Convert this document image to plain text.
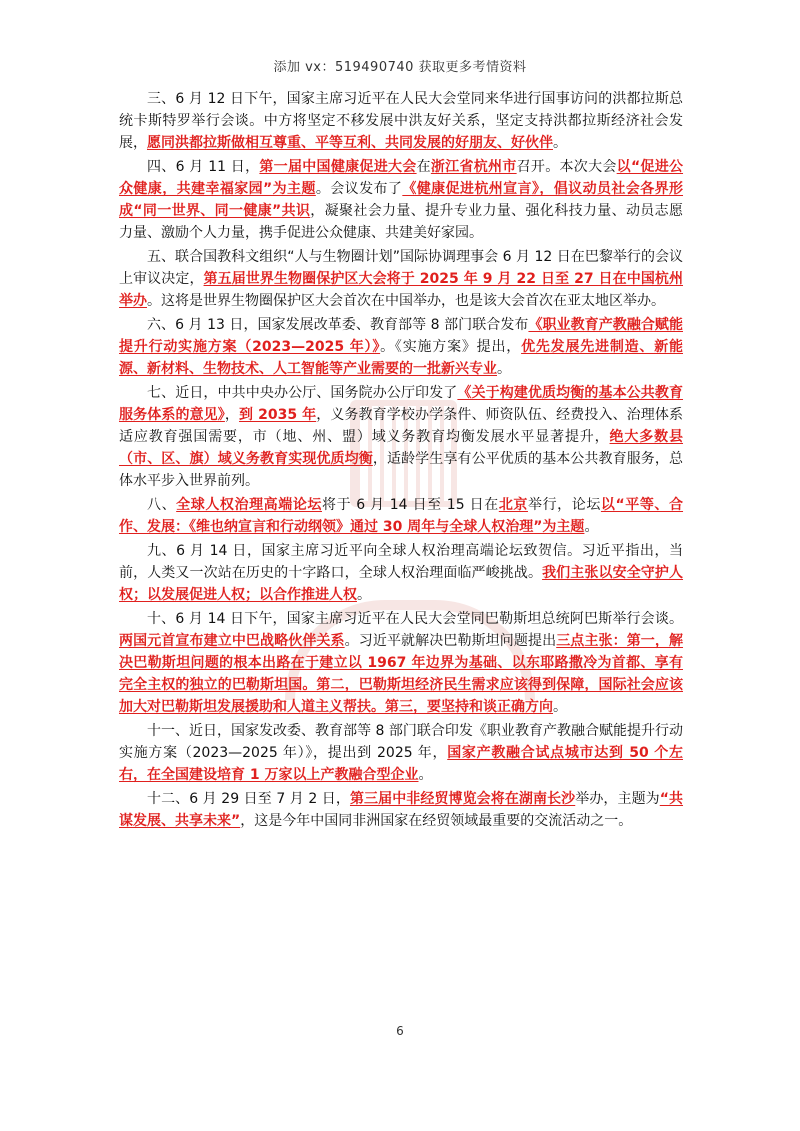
添加 vx：519490740 获取更多考情资料

三、6 月 12 日下午，国家主席习近平在人民大会堂同来华进行国事访问的洪都拉斯总统卡斯特罗举行会谈。中方将坚定不移发展中洪友好关系，坚定支持洪都拉斯经济社会发展，愿同洪都拉斯做相互尊重、平等互利、共同发展的好朋友、好伙伴。

四、6 月 11 日，第一届中国健康促进大会在浙江省杭州市召开。本次大会以“促进公众健康，共建幸福家园”为主题。会议发布了《健康促进杭州宣言》，倡议动员社会各界形成“同一世界、同一健康”共识，凝聚社会力量、提升专业力量、强化科技力量、动员志愿力量、激励个人力量，携手促进公众健康、共建美好家园。

五、联合国教科文组织“人与生物圈计划”国际协调理事会 6 月 12 日在巴黎举行的会议上审议决定，第五届世界生物圈保护区大会将于 2025 年 9 月 22 日至 27 日在中国杭州举办。这将是世界生物圈保护区大会首次在中国举办，也是该大会首次在亚太地区举办。

六、6 月 13 日，国家发展改革委、教育部等 8 部门联合发布《职业教育产教融合赋能提升行动实施方案（2023—2025 年）》。《实施方案》提出，优先发展先进制造、新能源、新材料、生物技术、人工智能等产业需要的一批新兴专业。

七、近日，中共中央办公厅、国务院办公厅印发了《关于构建优质均衡的基本公共教育服务体系的意见》，到 2035 年，义务教育学校办学条件、师资队伍、经费投入、治理体系适应教育强国需要，市（地、州、盟）域义务教育均衡发展水平显著提升，绝大多数县（市、区、旗）域义务教育实现优质均衡，适龄学生享有公平优质的基本公共教育服务，总体水平步入世界前列。

八、全球人权治理高端论坛将于 6 月 14 日至 15 日在北京举行，论坛以“平等、合作、发展：《维也纳宣言和行动纲领》通过 30 周年与全球人权治理”为主题。

九、6 月 14 日，国家主席习近平向全球人权治理高端论坛致贺信。习近平指出，当前，人类又一次站在历史的十字路口，全球人权治理面临严峻挑战。我们主张以安全守护人权；以发展促进人权；以合作推进人权。

十、6 月 14 日下午，国家主席习近平在人民大会堂同巴勒斯坦总统阿巴斯举行会谈。两国元首宣布建立中巴战略伙伴关系。习近平就解决巴勒斯坦问题提出三点主张：第一，解决巴勒斯坦问题的根本出路在于建立以 1967 年边界为基础、以东耶路撒冷为首都、享有完全主权的独立的巴勒斯坦国。第二，巴勒斯坦经济民生需求应该得到保障，国际社会应该加大对巴勒斯坦发展援助和人道主义帮扶。第三，要坚持和谈正确方向。

十一、近日，国家发改委、教育部等 8 部门联合印发《职业教育产教融合赋能提升行动实施方案（2023—2025 年）》，提出到 2025 年，国家产教融合试点城市达到 50 个左右，在全国建设培育 1 万家以上产教融合型企业。

十二、6 月 29 日至 7 月 2 日，第三届中非经贸博览会将在湖南长沙举办，主题为“共谋发展、共享未来”，这是今年中国同非洲国家在经贸领域最重要的交流活动之一。

6
